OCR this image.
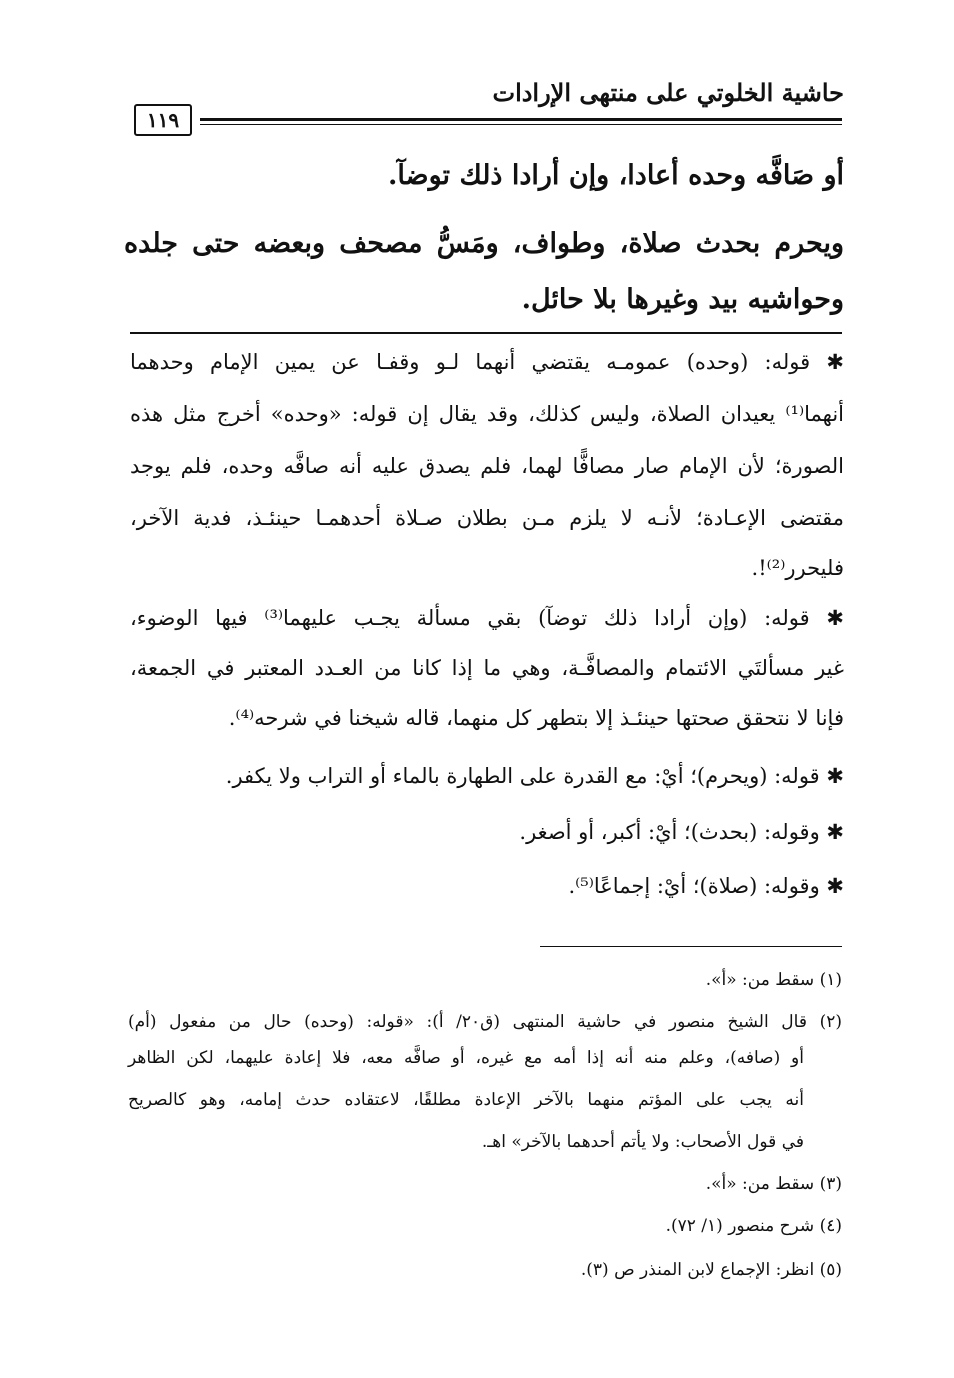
حاشية الخلوتي على منتهى الإرادات
١١٩
أو صَافَّه وحده أعادا، وإن أرادا ذلك توضآ.
ويحرم بحدث صلاة، وطواف، ومَسُّ مصحف وبعضه حتى جلده
وحواشيه بيد وغيرها بلا حائل.
✱ قوله: (وحده) عمومـه يقتضي أنهما لـو وقفـا عن يمين الإمام وحدهما
أنهما⁽¹⁾ يعيدان الصلاة، وليس كذلك، وقد يقال إن قوله: «وحده» أخرج مثل هذه
الصورة؛ لأن الإمام صار مصافًّا لهما، فلم يصدق عليه أنه صافَّه وحده، فلم يوجد
مقتضى الإعـادة؛ لأنـه لا يلزم مـن بطلان صـلاة أحدهمـا حينئـذ، فدية الآخر،
فليحرر⁽²⁾!.
✱ قوله: (وإن أرادا ذلك توضآ) بقي مسألة يجـب عليهما⁽³⁾ فيها الوضوء،
غير مسألتَي الائتمام والمصافَّـة، وهي ما إذا كانا من العـدد المعتبر في الجمعة،
فإنا لا نتحقق صحتها حينئـذ إلا بتطهر كل منهما، قاله شيخنا في شرحه⁽⁴⁾.
✱ قوله: (ويحرم)؛ أيْ: مع القدرة على الطهارة بالماء أو التراب ولا يكفر.
✱ وقوله: (بحدث)؛ أيْ: أكبر، أو أصغر.
✱ وقوله: (صلاة)؛ أيْ: إجماعًا⁽⁵⁾.
(١) سقط من: «أ».
(٢) قال الشيخ منصور في حاشية المنتهى (ق٢٠/ أ): «قوله: (وحده) حال من مفعول (أم)
أو (صافه)، وعلم منه أنه إذا أمه مع غيره، أو صافَّه معه، فلا إعادة عليهما، لكن الظاهر
أنه يجب على المؤتم منهما بالآخر الإعادة مطلقًا، لاعتقاده حدث إمامه، وهو كالصريح
في قول الأصحاب: ولا يأتم أحدهما بالآخر» اهـ.
(٣) سقط من: «أ».
(٤) شرح منصور (١/ ٧٢).
(٥) انظر: الإجماع لابن المنذر ص (٣).
